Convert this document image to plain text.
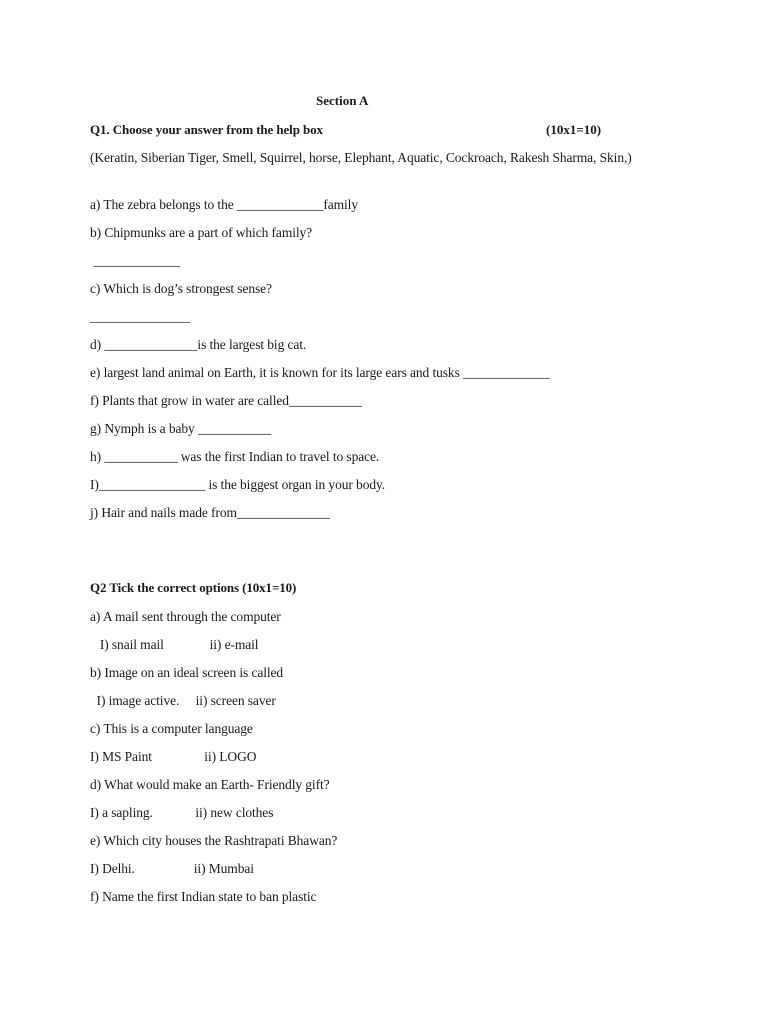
Section A
Q1. Choose your answer from the help box	(10x1=10)
(Keratin, Siberian Tiger, Smell, Squirrel, horse, Elephant, Aquatic, Cockroach, Rakesh Sharma, Skin,)
a) The zebra belongs to the _____________family
b) Chipmunks are a part of which family?
_____________
c) Which is dog’s strongest sense?
_______________
d) ______________is the largest big cat.
e) largest land animal on Earth, it is known for its large ears and tusks _____________
f) Plants that grow in water are called___________
g) Nymph is a baby ___________
h) ___________ was the first Indian to travel to space.
I)________________ is the biggest organ in your body.
j) Hair and nails made from______________
Q2 Tick the correct options (10x1=10)
a) A mail sent through the computer
I) snail mail              ii) e-mail
b) Image on an ideal screen is called
I) image active.     ii) screen saver
c) This is a computer language
I) MS Paint                ii) LOGO
d) What would make an Earth- Friendly gift?
I) a sapling.             ii) new clothes
e) Which city houses the Rashtrapati Bhawan?
I) Delhi.                  ii) Mumbai
f) Name the first Indian state to ban plastic
